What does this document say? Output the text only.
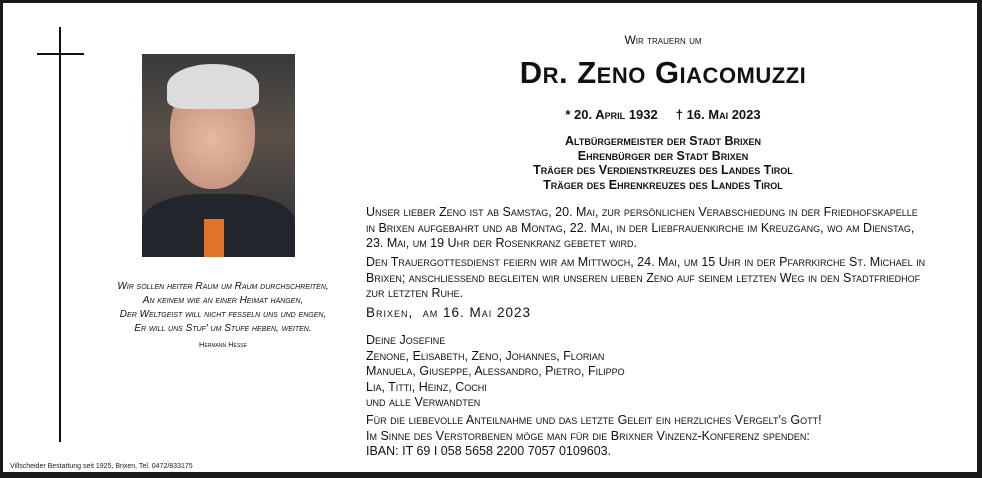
Wir sollen heiter Raum um Raum durchschreiten,
An keinem wie an einer Heimat hängen,
Der Weltgeist will nicht fesseln uns und engen,
Er will uns Stuf' um Stufe heben, weiten.
Hermann Hesse
Villscheider Bestattung seit 1925, Brixen, Tel. 0472/833175
Wir trauern um
Dr. Zeno Giacomuzzi
* 20. April 1932 † 16. Mai 2023
Altbürgermeister der Stadt Brixen
Ehrenbürger der Stadt Brixen
Träger des Verdienstkreuzes des Landes Tirol
Träger des Ehrenkreuzes des Landes Tirol
Unser lieber Zeno ist ab Samstag, 20. Mai, zur persönlichen Verabschiedung in der Friedhofskapelle
in Brixen aufgebahrt und ab Montag, 22. Mai, in der Liebfrauenkirche im Kreuzgang, wo am Dienstag,
23. Mai, um 19 Uhr der Rosenkranz gebetet wird.
Den Trauergottesdienst feiern wir am Mittwoch, 24. Mai, um 15 Uhr in der Pfarrkirche St. Michael in
Brixen; anschliessend begleiten wir unseren lieben Zeno auf seinem letzten Weg in den Stadtfriedhof
zur letzten Ruhe.
Brixen,  am 16. Mai 2023
Deine Josefine
Zenone, Elisabeth, Zeno, Johannes, Florian
Manuela, Giuseppe, Alessandro, Pietro, Filippo
Lia, Titti, Heinz, Cochi
und alle Verwandten
Für die liebevolle Anteilnahme und das letzte Geleit ein herzliches Vergelt's Gott!
Im Sinne des Verstorbenen möge man für die Brixner Vinzenz-Konferenz spenden:
IBAN: IT 69 I 058 5658 2200 7057 0109603.
